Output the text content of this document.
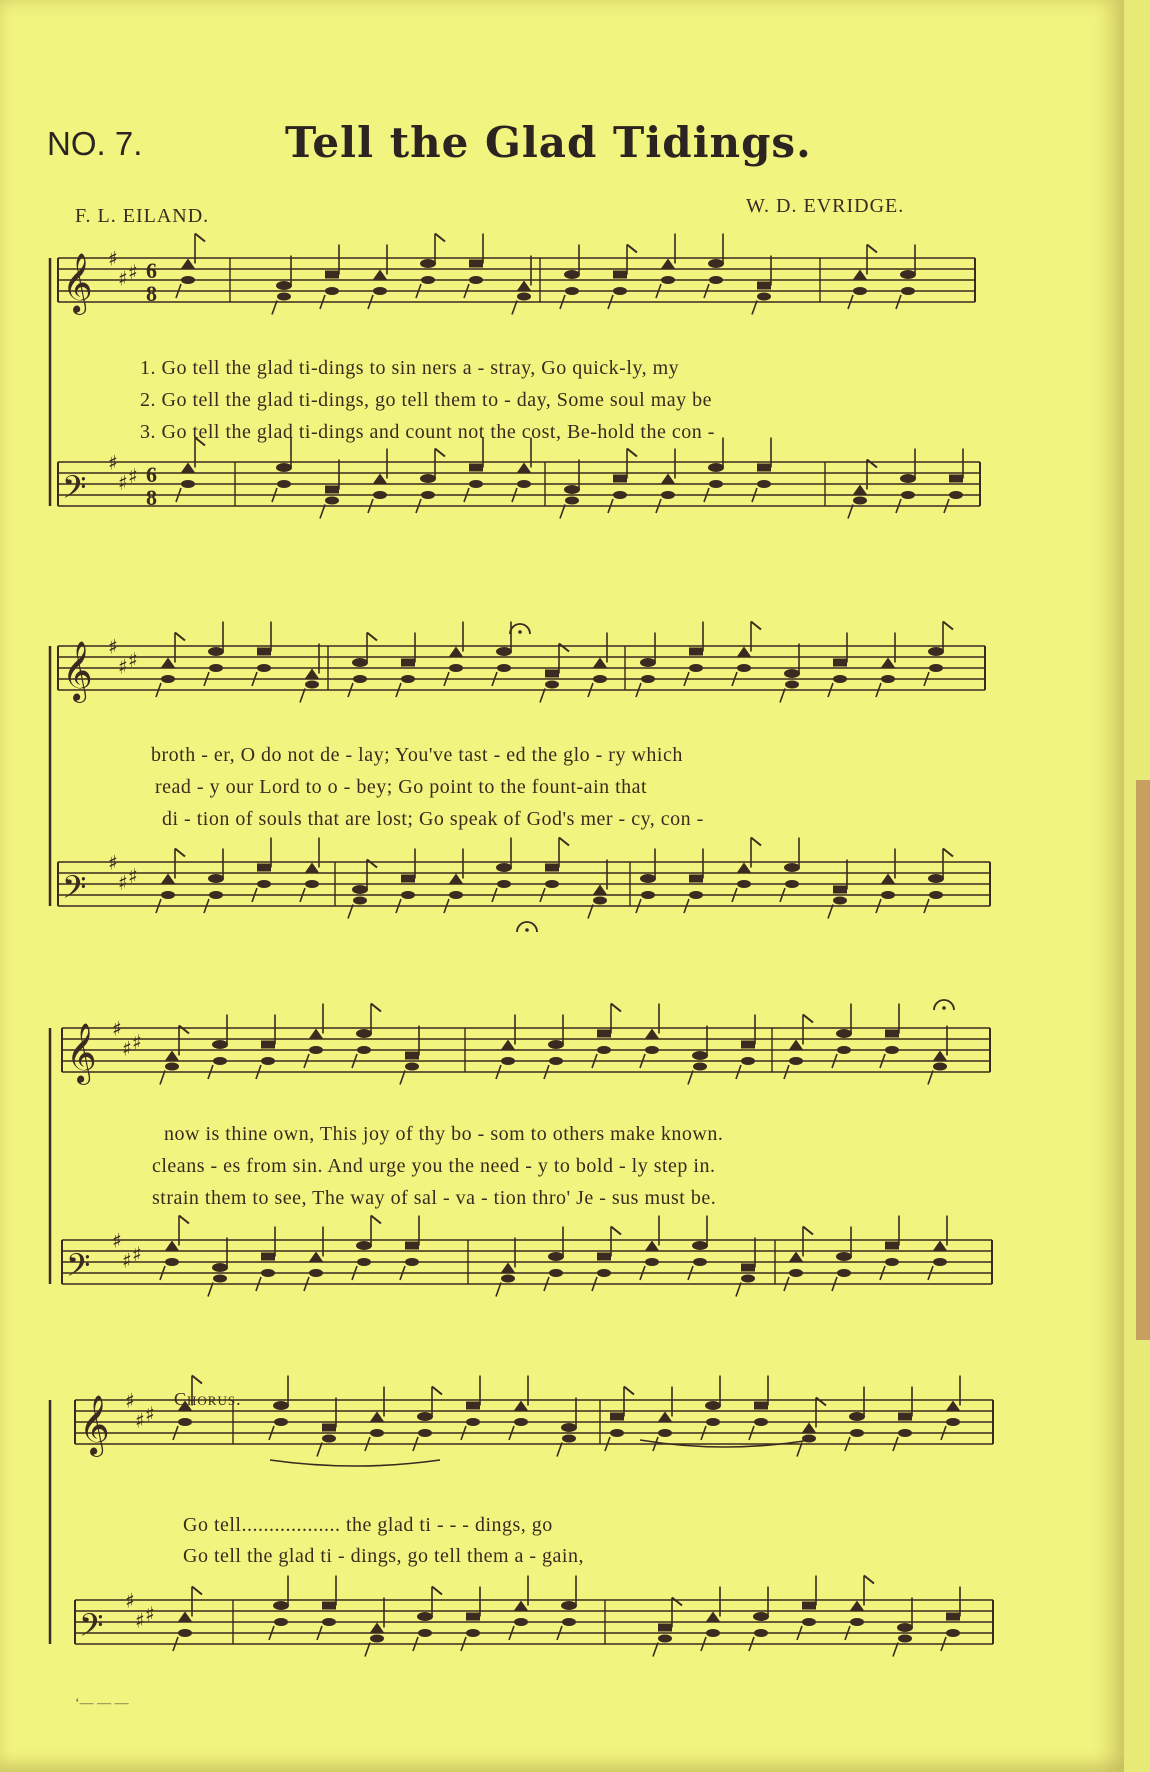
𝄞 ♯
♯ ♯ 6
8
𝄢
♯
♯ ♯ 6
8
𝄞 ♯
♯ ♯
𝄢
♯
♯ ♯
𝄞 ♯
♯ ♯
𝄢
♯
♯ ♯
𝄞 ♯
♯ ♯
𝄢
♯
♯ ♯
NO. 7.	Tell the Glad Tidings.
F. L. EILAND.	W. D. EVRIDGE.
1. Go tell the glad ti-dings to sin ners a - stray, Go quick-ly, my
2. Go tell the glad ti-dings, go tell them to - day, Some soul may be
3. Go tell the glad ti-dings and count not the cost, Be-hold the con -
broth - er, O do not de - lay; You've tast - ed the glo - ry which
read - y our Lord to o - bey; Go point to the fount-ain that
di - tion of souls that are lost; Go speak of God's mer - cy, con -
now is thine own, This joy of thy bo - som to others make known.
cleans - es from sin. And urge you the need - y to bold - ly step in.
strain them to see, The way of sal - va - tion thro' Je - sus must be.
Chorus.
Go tell.................. the glad ti - - - dings, go
Go tell the glad ti - dings, go tell them a - gain,
‘— — —
